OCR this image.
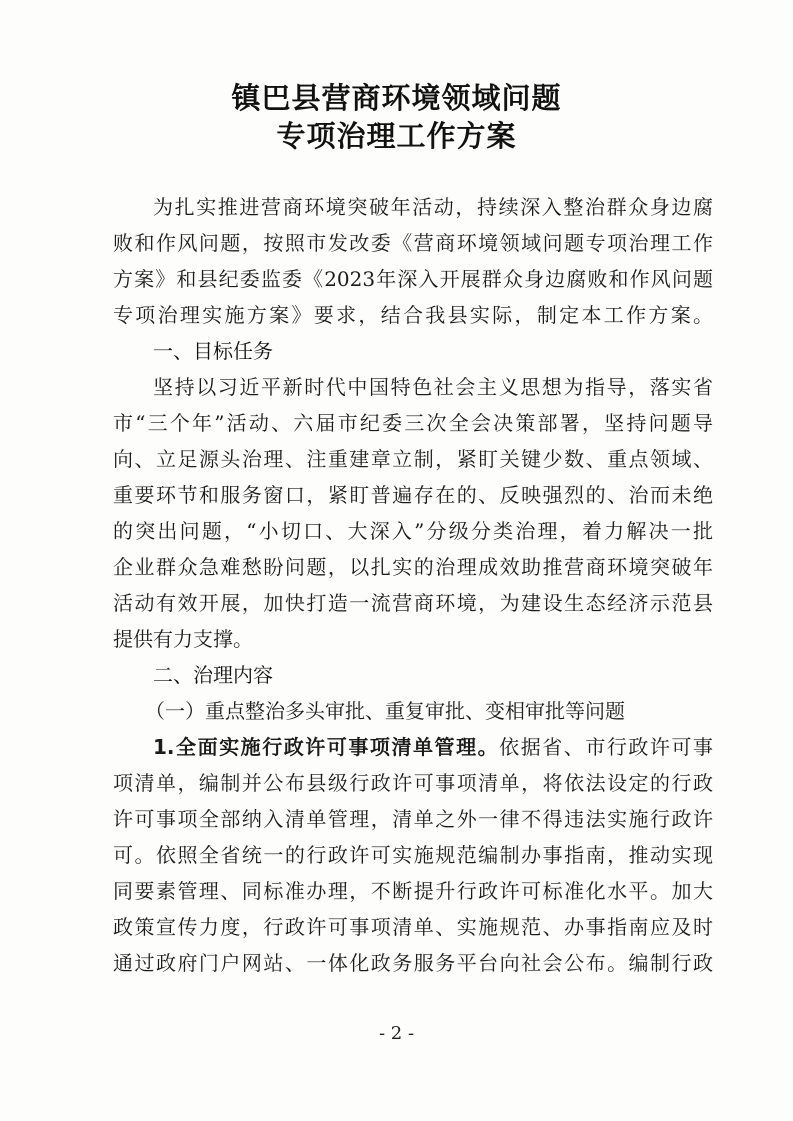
镇巴县营商环境领域问题
专项治理工作方案
为扎实推进营商环境突破年活动，持续深入整治群众身边腐
败和作风问题，按照市发改委《营商环境领域问题专项治理工作
方案》和县纪委监委《2023年深入开展群众身边腐败和作风问题
专项治理实施方案》要求，结合我县实际，制定本工作方案。
一、目标任务
坚持以习近平新时代中国特色社会主义思想为指导，落实省
市“三个年”活动、六届市纪委三次全会决策部署，坚持问题导
向、立足源头治理、注重建章立制，紧盯关键少数、重点领域、
重要环节和服务窗口，紧盯普遍存在的、反映强烈的、治而未绝
的突出问题，“小切口、大深入”分级分类治理，着力解决一批
企业群众急难愁盼问题，以扎实的治理成效助推营商环境突破年
活动有效开展，加快打造一流营商环境，为建设生态经济示范县
提供有力支撑。
二、治理内容
（一）重点整治多头审批、重复审批、变相审批等问题
1.全面实施行政许可事项清单管理。依据省、市行政许可事
项清单，编制并公布县级行政许可事项清单，将依法设定的行政
许可事项全部纳入清单管理，清单之外一律不得违法实施行政许
可。依照全省统一的行政许可实施规范编制办事指南，推动实现
同要素管理、同标准办理，不断提升行政许可标准化水平。加大
政策宣传力度，行政许可事项清单、实施规范、办事指南应及时
通过政府门户网站、一体化政务服务平台向社会公布。编制行政
- 2 -
